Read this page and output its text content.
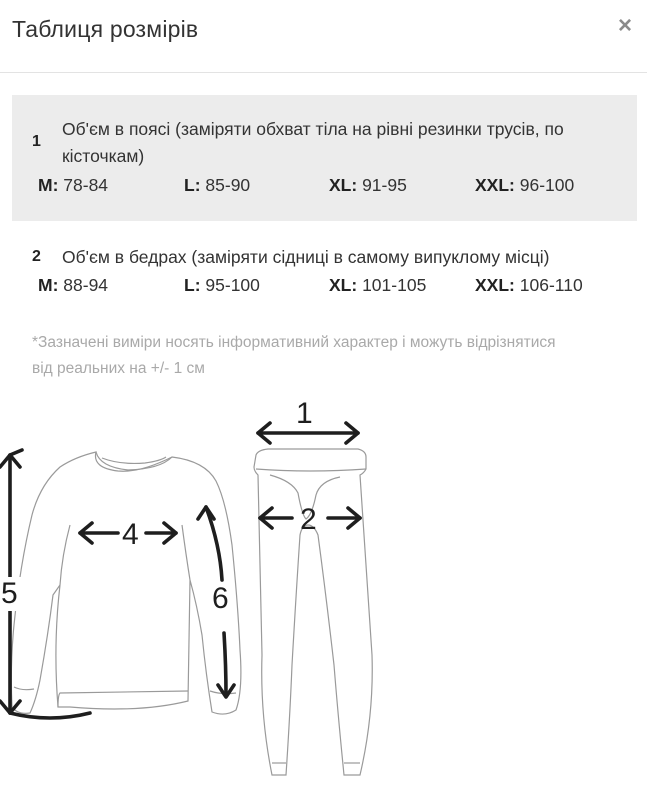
Таблиця розмірів	×
1
Об'єм в поясі (заміряти обхват тіла на рівні резинки трусів, по кісточкам)
M: 78-84	L: 85-90	XL: 91-95	XXL: 96-100
2 Об'єм в бедрах (заміряти сідниці в самому випуклому місці)
M: 88-94	L: 95-100	XL: 101-105	XXL: 106-110
*Зазначені виміри носять інформативний характер і можуть відрізнятися від реальних на +/- 1 см
1
2
4
5	6
